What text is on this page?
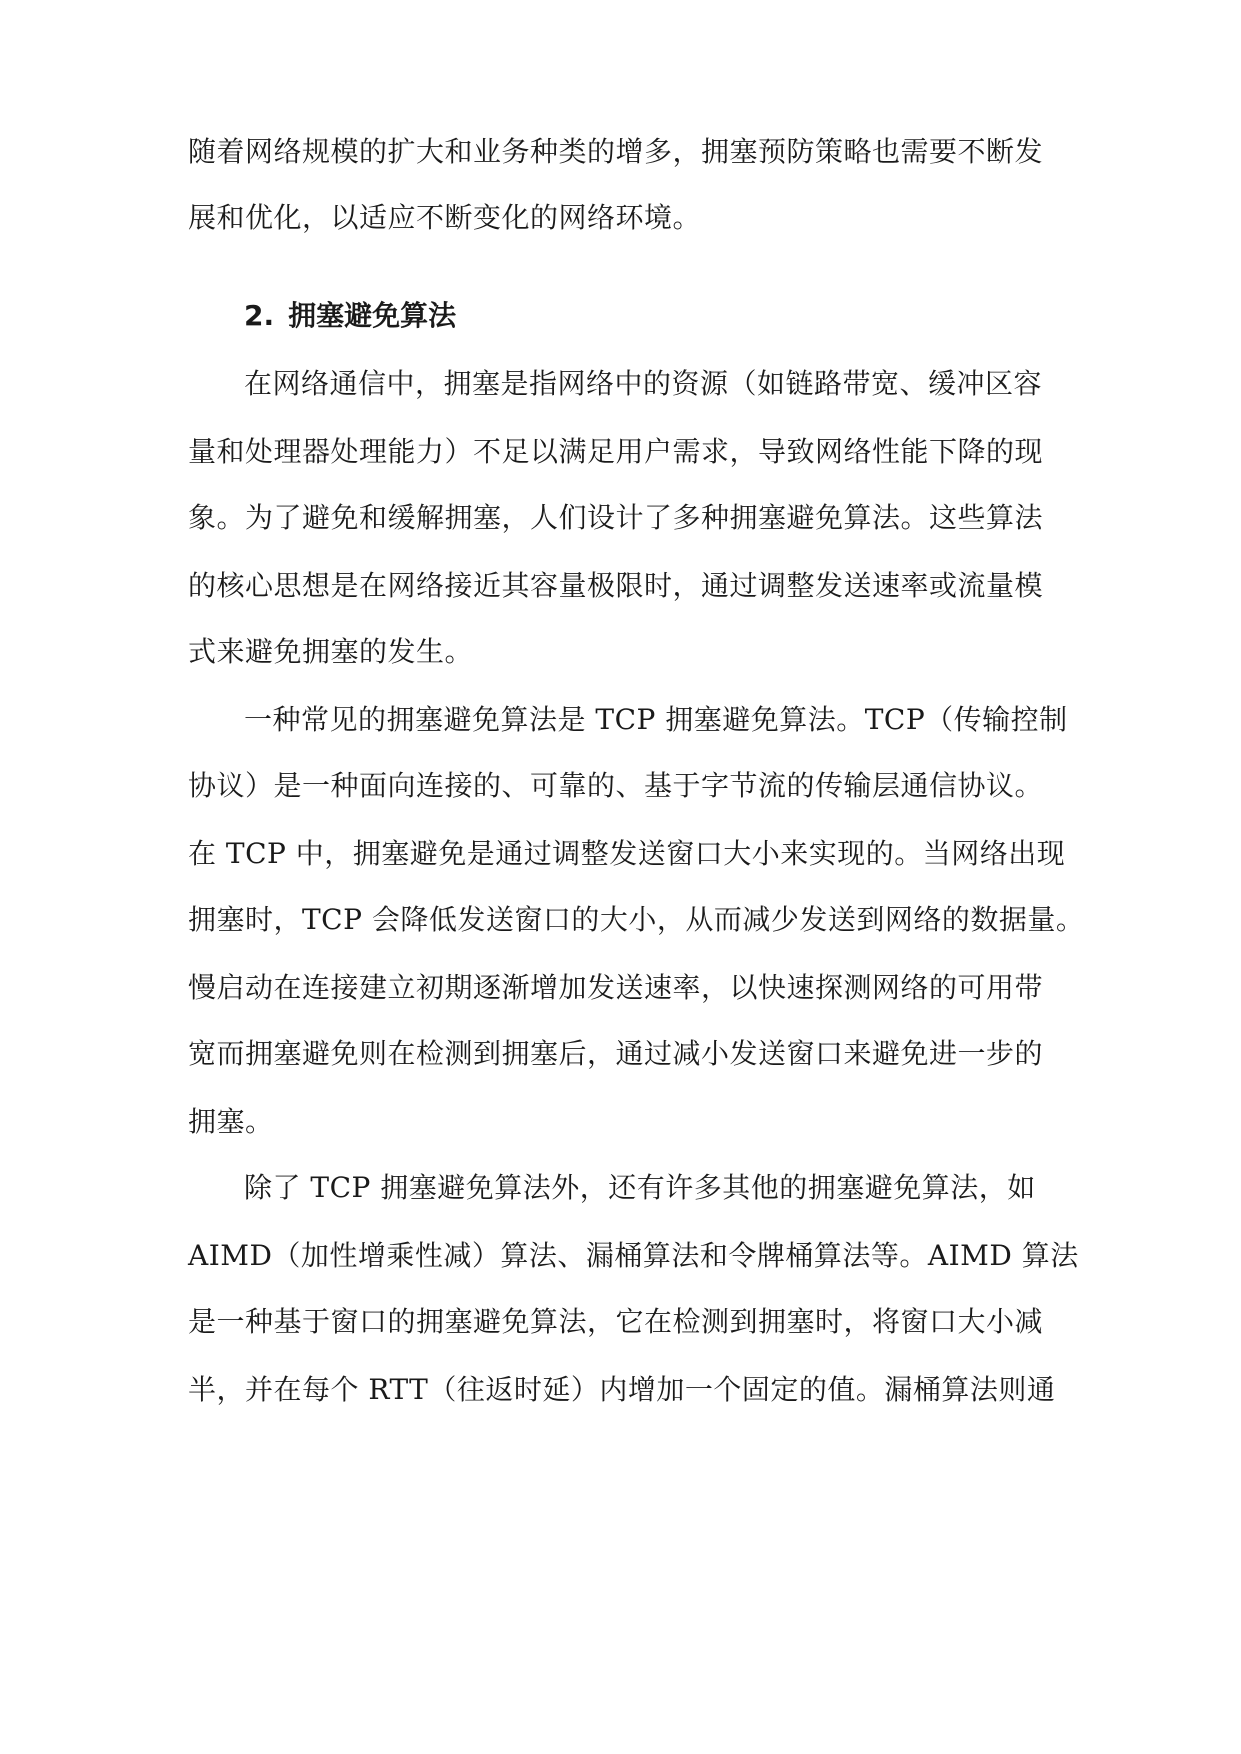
随着网络规模的扩大和业务种类的增多，拥塞预防策略也需要不断发
展和优化，以适应不断变化的网络环境。
2. 拥塞避免算法
在网络通信中，拥塞是指网络中的资源（如链路带宽、缓冲区容
量和处理器处理能力）不足以满足用户需求，导致网络性能下降的现
象。为了避免和缓解拥塞，人们设计了多种拥塞避免算法。这些算法
的核心思想是在网络接近其容量极限时，通过调整发送速率或流量模
式来避免拥塞的发生。
一种常见的拥塞避免算法是 TCP 拥塞避免算法。TCP（传输控制
协议）是一种面向连接的、可靠的、基于字节流的传输层通信协议。
在 TCP 中，拥塞避免是通过调整发送窗口大小来实现的。当网络出现
拥塞时，TCP 会降低发送窗口的大小，从而减少发送到网络的数据量。
慢启动在连接建立初期逐渐增加发送速率，以快速探测网络的可用带
宽而拥塞避免则在检测到拥塞后，通过减小发送窗口来避免进一步的
拥塞。
除了 TCP 拥塞避免算法外，还有许多其他的拥塞避免算法，如
AIMD（加性增乘性减）算法、漏桶算法和令牌桶算法等。AIMD 算法
是一种基于窗口的拥塞避免算法，它在检测到拥塞时，将窗口大小减
半，并在每个 RTT（往返时延）内增加一个固定的值。漏桶算法则通
